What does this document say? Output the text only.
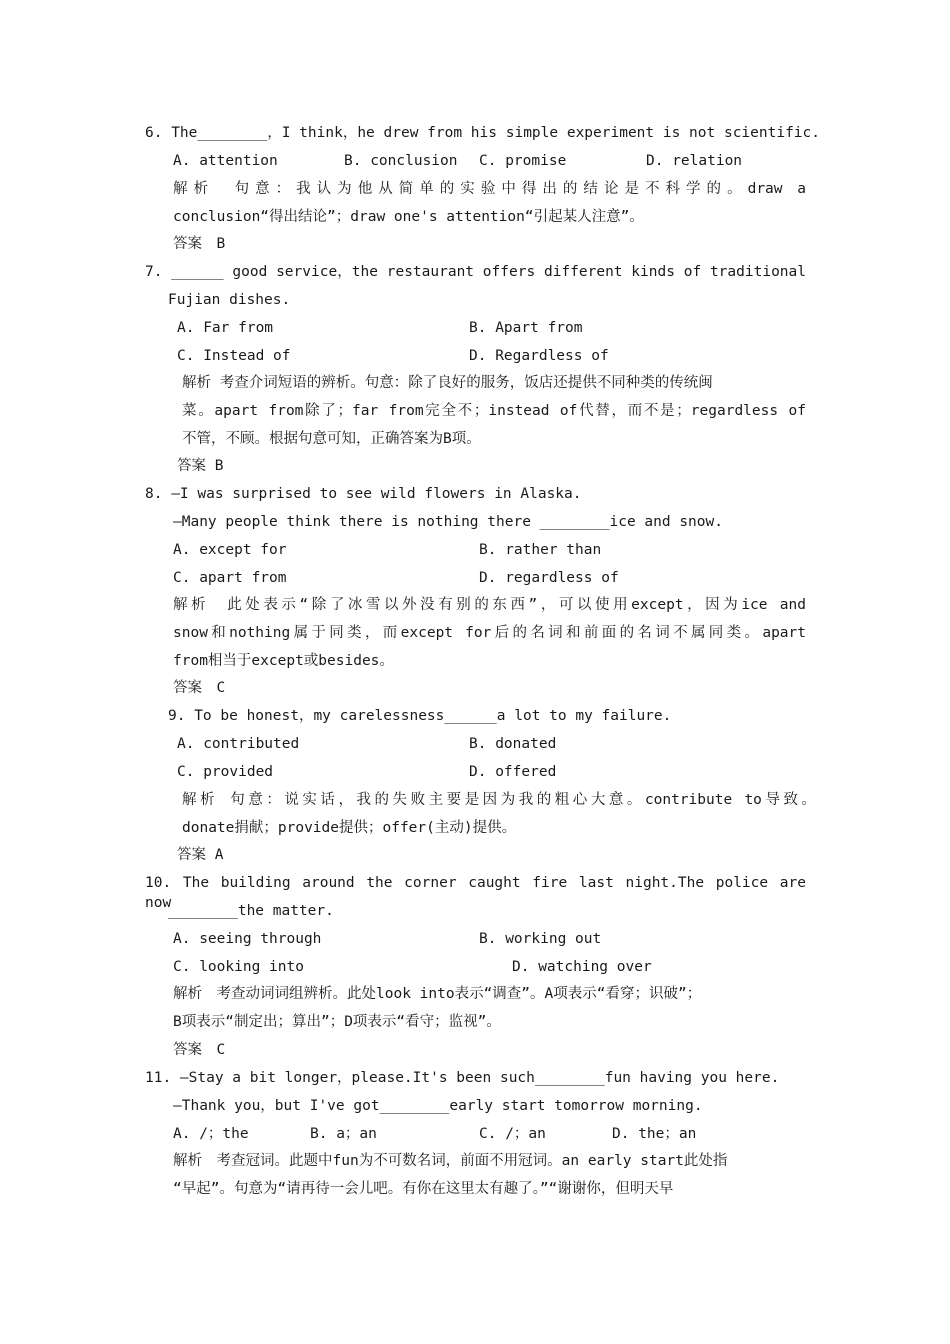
6. The________，I think，he drew from his simple experiment is not scientific.
A. attention	B. conclusion C. promise	D. relation
解析　句意：我认为他从简单的实验中得出的结论是不科学的。draw a
conclusion“得出结论”；draw one's attention“引起某人注意”。
答案　B
7. ______ good service，the restaurant offers different kinds of traditional
Fujian dishes.
A. Far from	B. Apart from
C. Instead of	D. Regardless of
解析 考查介词短语的辨析。句意：除了良好的服务，饭店还提供不同种类的传统闽
菜。apart from除了；far from完全不；instead of代替，而不是；regardless of
不管，不顾。根据句意可知，正确答案为B项。
答案 B
8. —I was surprised to see wild flowers in Alaska.
—Many people think there is nothing there ________ice and snow.
A. except for	B. rather than
C. apart from	D. regardless of
解析　此处表示“除了冰雪以外没有别的东西”，可以使用except，因为ice and
snow和nothing属于同类，而except for后的名词和前面的名词不属同类。apart
from相当于except或besides。
答案　C
9. To be honest，my carelessness______a lot to my failure.
A. contributed	B. donated
C. provided	D. offered
解析 句意：说实话，我的失败主要是因为我的粗心大意。contribute to导致。
donate捐献；provide提供；offer(主动)提供。
答案 A
10. The building around the corner caught fire last night.The police are now
________the matter.
A. seeing through	B. working out
C. looking into	D. watching over
解析　考查动词词组辨析。此处look into表示“调查”。A项表示“看穿；识破”；
B项表示“制定出；算出”；D项表示“看守；监视”。
答案　C
11. —Stay a bit longer，please.It's been such________fun having you here.
—Thank you，but I've got________early start tomorrow morning.
A. /；the	B. a；an	C. /；an	D. the；an
解析　考查冠词。此题中fun为不可数名词，前面不用冠词。an early start此处指
“早起”。句意为“请再待一会儿吧。有你在这里太有趣了。”“谢谢你，但明天早
